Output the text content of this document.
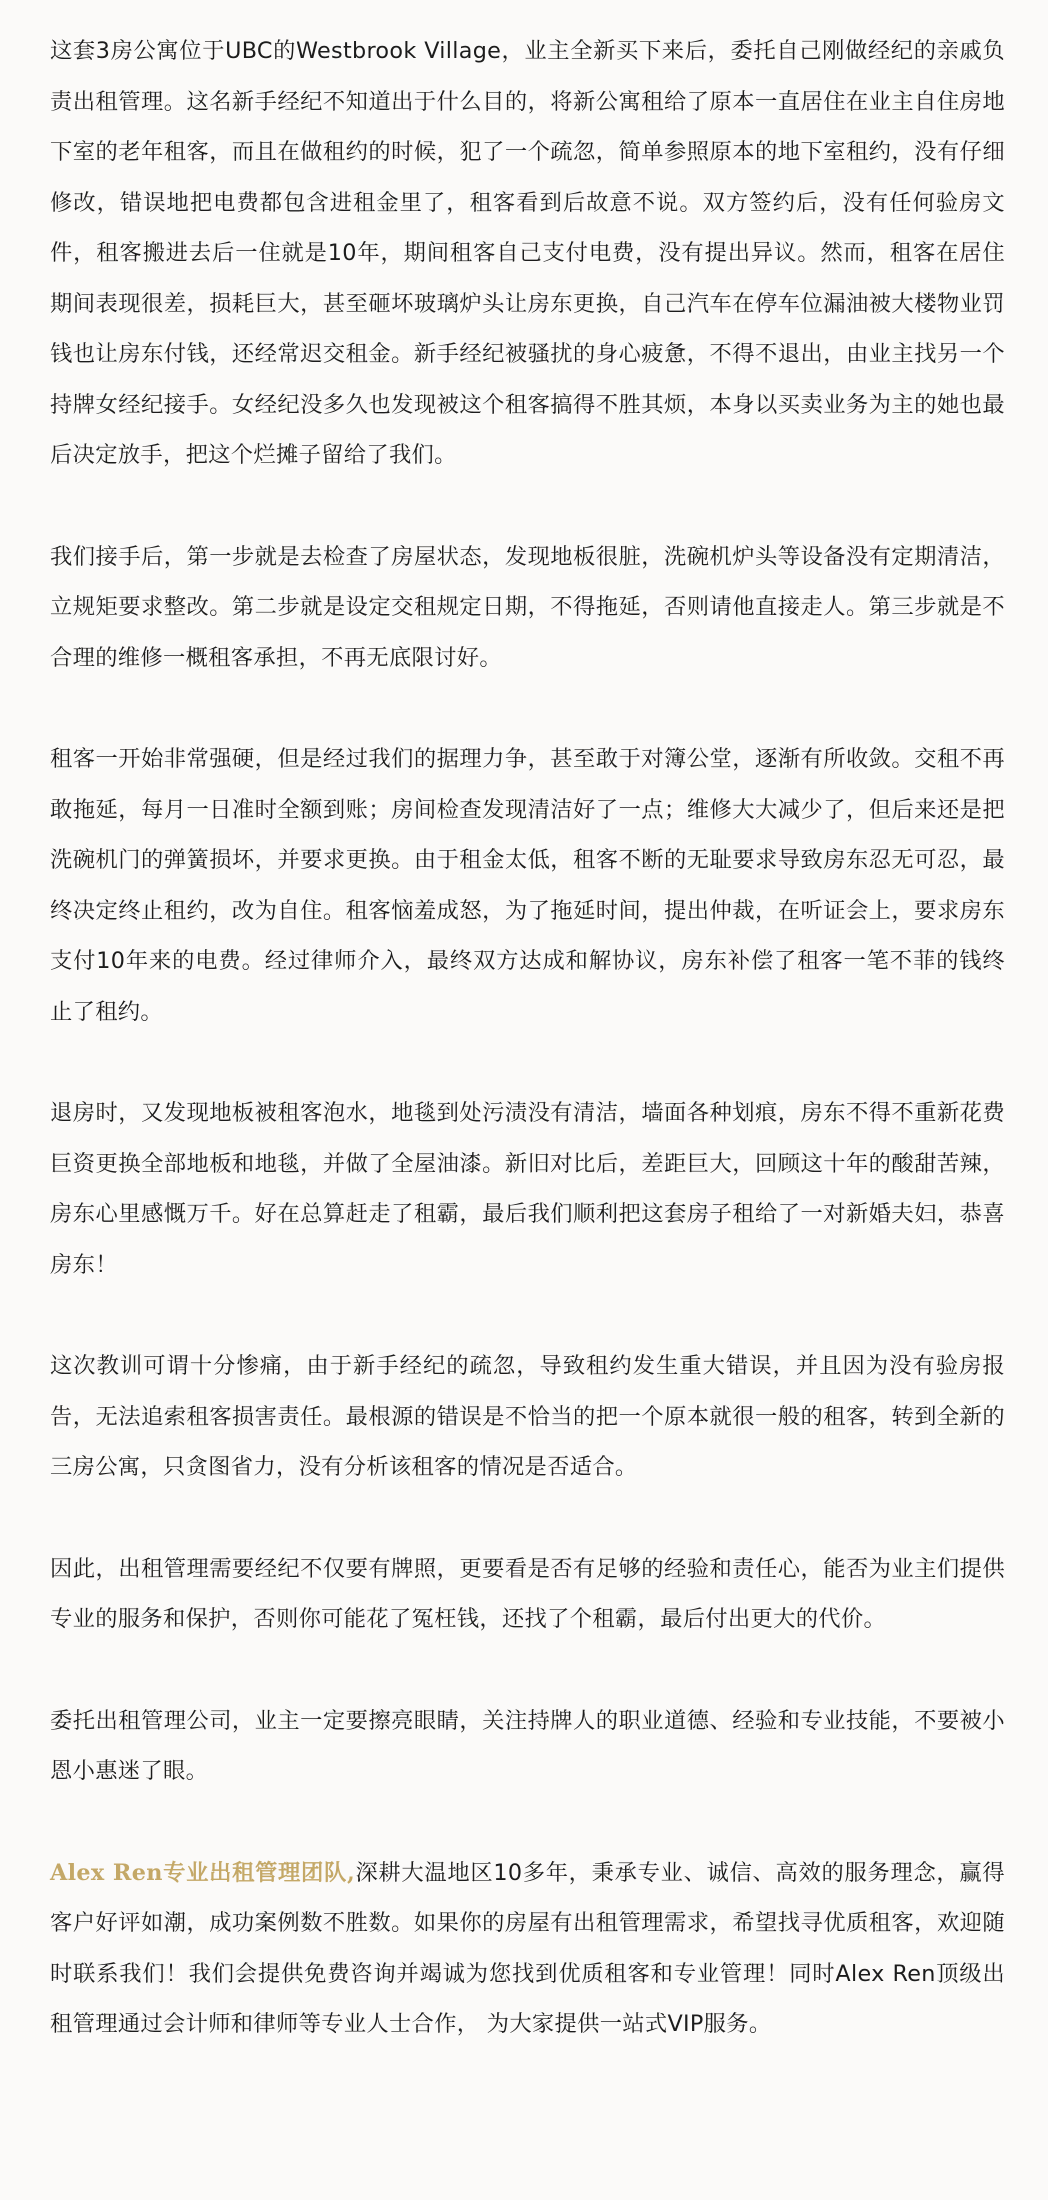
这套3房公寓位于UBC的Westbrook Village，业主全新买下来后，委托自己刚做经纪的亲戚负责出租管理。这名新手经纪不知道出于什么目的，将新公寓租给了原本一直居住在业主自住房地下室的老年租客，而且在做租约的时候，犯了一个疏忽，简单参照原本的地下室租约，没有仔细修改，错误地把电费都包含进租金里了，租客看到后故意不说。双方签约后，没有任何验房文件，租客搬进去后一住就是10年，期间租客自己支付电费，没有提出异议。然而，租客在居住期间表现很差，损耗巨大，甚至砸坏玻璃炉头让房东更换，自己汽车在停车位漏油被大楼物业罚钱也让房东付钱，还经常迟交租金。新手经纪被骚扰的身心疲惫，不得不退出，由业主找另一个持牌女经纪接手。女经纪没多久也发现被这个租客搞得不胜其烦，本身以买卖业务为主的她也最后决定放手，把这个烂摊子留给了我们。

我们接手后，第一步就是去检查了房屋状态，发现地板很脏，洗碗机炉头等设备没有定期清洁，立规矩要求整改。第二步就是设定交租规定日期，不得拖延，否则请他直接走人。第三步就是不合理的维修一概租客承担，不再无底限讨好。

租客一开始非常强硬，但是经过我们的据理力争，甚至敢于对簿公堂，逐渐有所收敛。交租不再敢拖延，每月一日准时全额到账；房间检查发现清洁好了一点；维修大大减少了，但后来还是把洗碗机门的弹簧损坏，并要求更换。由于租金太低，租客不断的无耻要求导致房东忍无可忍，最终决定终止租约，改为自住。租客恼羞成怒，为了拖延时间，提出仲裁，在听证会上，要求房东支付10年来的电费。经过律师介入，最终双方达成和解协议，房东补偿了租客一笔不菲的钱终止了租约。

退房时，又发现地板被租客泡水，地毯到处污渍没有清洁，墙面各种划痕，房东不得不重新花费巨资更换全部地板和地毯，并做了全屋油漆。新旧对比后，差距巨大，回顾这十年的酸甜苦辣，房东心里感慨万千。好在总算赶走了租霸，最后我们顺利把这套房子租给了一对新婚夫妇，恭喜房东！

这次教训可谓十分惨痛，由于新手经纪的疏忽，导致租约发生重大错误，并且因为没有验房报告，无法追索租客损害责任。最根源的错误是不恰当的把一个原本就很一般的租客，转到全新的三房公寓，只贪图省力，没有分析该租客的情况是否适合。

因此，出租管理需要经纪不仅要有牌照，更要看是否有足够的经验和责任心，能否为业主们提供专业的服务和保护，否则你可能花了冤枉钱，还找了个租霸，最后付出更大的代价。

委托出租管理公司，业主一定要擦亮眼睛，关注持牌人的职业道德、经验和专业技能，不要被小恩小惠迷了眼。

Alex Ren专业出租管理团队,深耕大温地区10多年，秉承专业、诚信、高效的服务理念，赢得客户好评如潮，成功案例数不胜数。如果你的房屋有出租管理需求，希望找寻优质租客，欢迎随时联系我们！我们会提供免费咨询并竭诚为您找到优质租客和专业管理！同时Alex Ren顶级出租管理通过会计师和律师等专业人士合作， 为大家提供一站式VIP服务。
